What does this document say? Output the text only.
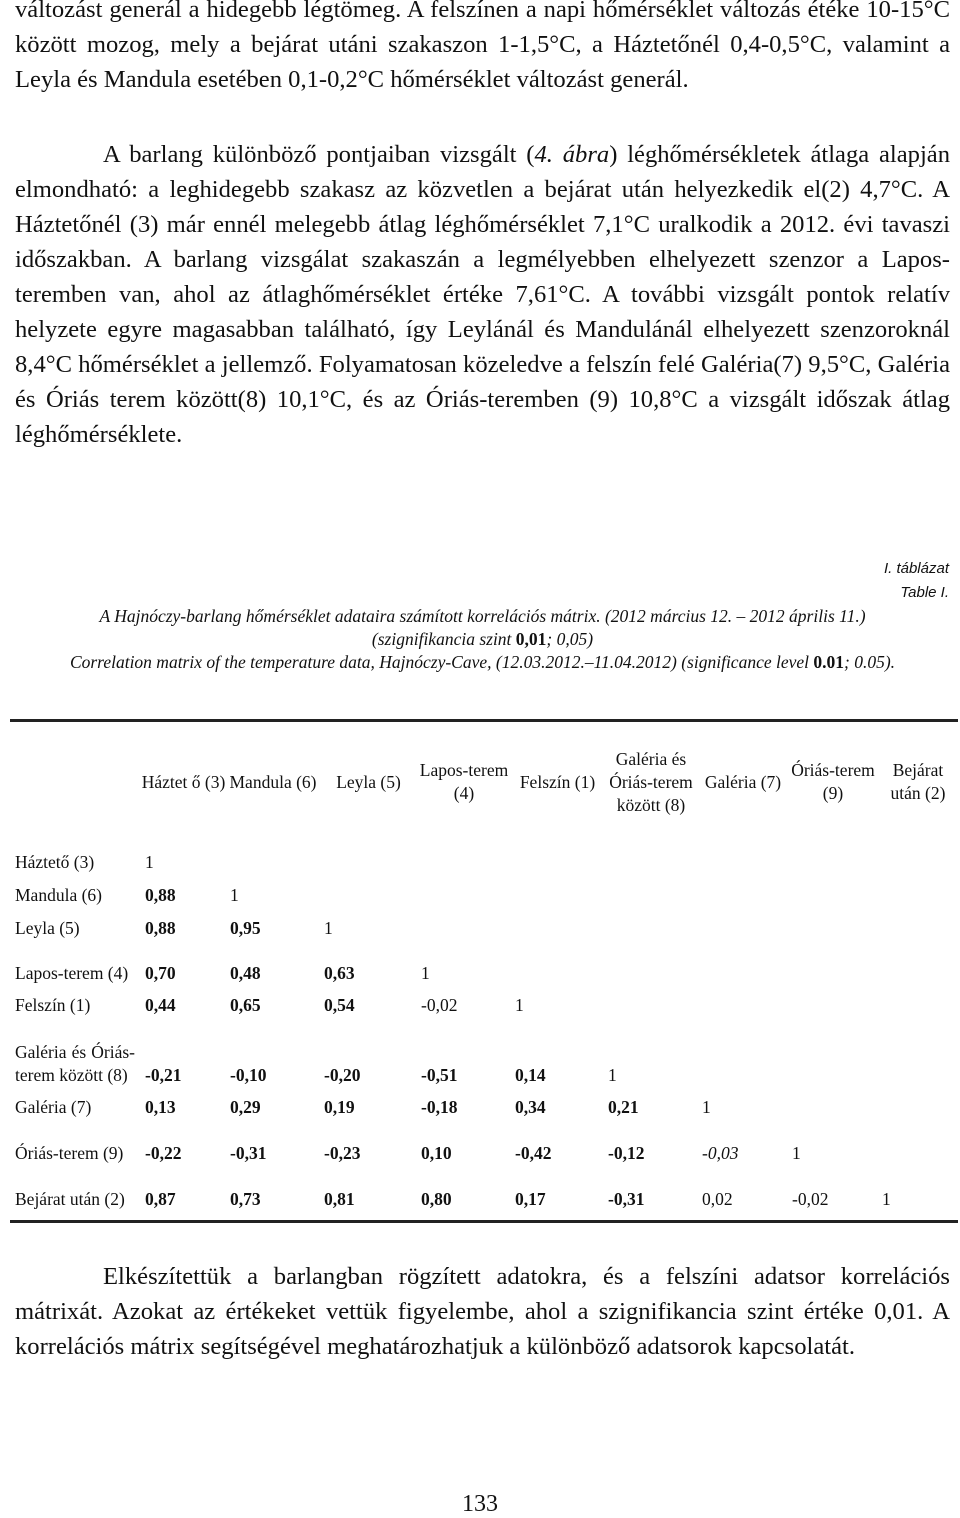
változást generál a hidegebb légtömeg. A felszínen a napi hőmérséklet változás étéke 10-15°C között mozog, mely a bejárat utáni szakaszon 1-1,5°C, a Háztetőnél 0,4-0,5°C, valamint a Leyla és Mandula esetében 0,1-0,2°C hőmérséklet változást generál.

A barlang különböző pontjaiban vizsgált (4. ábra) léghőmérsékletek átlaga alapján elmondható: a leghidegebb szakasz az közvetlen a bejárat után helyezkedik el(2) 4,7°C. A Háztetőnél (3) már ennél melegebb átlag léghőmérséklet 7,1°C uralkodik a 2012. évi tavaszi időszakban. A barlang vizsgálat szakaszán a legmélyebben elhelyezett szenzor a Lapos-teremben van, ahol az átlaghőmérséklet értéke 7,61°C. A további vizsgált pontok relatív helyzete egyre magasabban található, így Leylánál és Mandulánál elhelyezett szenzoroknál 8,4°C hőmérséklet a jellemző. Folyamatosan közeledve a felszín felé Galéria(7) 9,5°C, Galéria és Óriás terem között(8) 10,1°C, és az Óriás-teremben (9) 10,8°C a vizsgált időszak átlag léghőmérséklete.

I. táblázat
Table I.

A Hajnóczy-barlang hőmérséklet adataira számított korrelációs mátrix. (2012 március 12. – 2012 április 11.) (szignifikancia szint 0,01; 0,05)

Correlation matrix of the temperature data, Hajnóczy-Cave, (12.03.2012.–11.04.2012) (significance level 0.01; 0.05).

	Háztet ő (3)	Mandula (6)	Leyla (5)	Lapos-terem (4)	Felszín (1)	Galéria és Óriás-terem között (8)	Galéria (7)	Óriás-terem (9)	Bejárat után (2)
Háztető (3)	1								
Mandula (6)	0,88	1							
Leyla (5)	0,88	0,95	1						
Lapos-terem (4)	0,70	0,48	0,63	1					
Felszín (1)	0,44	0,65	0,54	-0,02	1				
Galéria és Óriás-terem között (8)	-0,21	-0,10	-0,20	-0,51	0,14	1			
Galéria (7)	0,13	0,29	0,19	-0,18	0,34	0,21	1		
Óriás-terem (9)	-0,22	-0,31	-0,23	0,10	-0,42	-0,12	-0,03	1	
Bejárat után (2)	0,87	0,73	0,81	0,80	0,17	-0,31	0,02	-0,02	1

Elkészítettük a barlangban rögzített adatokra, és a felszíni adatsor korrelációs mátrixát. Azokat az értékeket vettük figyelembe, ahol a szignifikancia szint értéke 0,01. A korrelációs mátrix segítségével meghatározhatjuk a különböző adatsorok kapcsolatát.

133
